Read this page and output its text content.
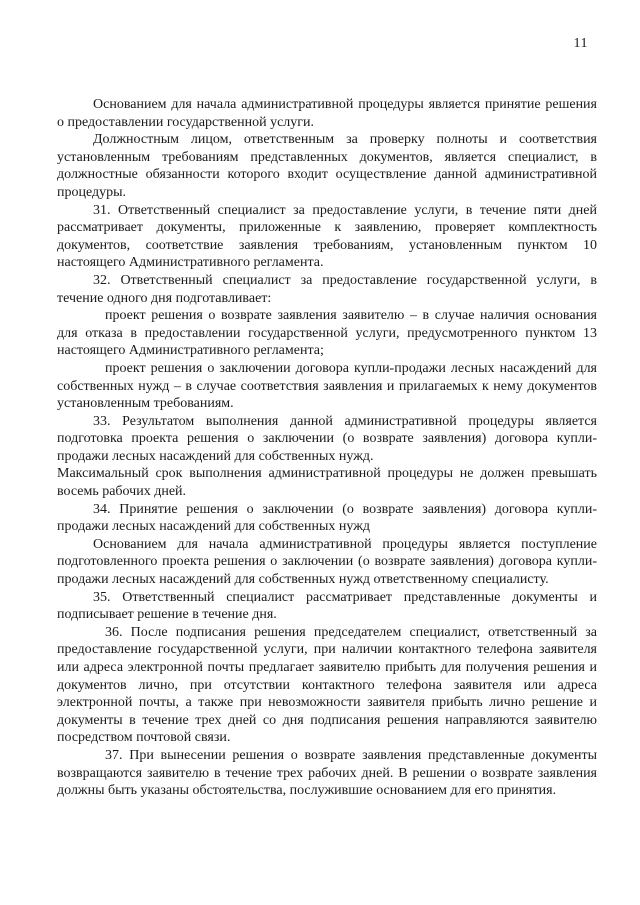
11

Основанием для начала административной процедуры является принятие решения о предоставлении государственной услуги.

Должностным лицом, ответственным за проверку полноты и соответствия установленным требованиям представленных документов, является специалист, в должностные обязанности которого входит осуществление данной административной процедуры.

31. Ответственный специалист за предоставление услуги, в течение пяти дней рассматривает документы, приложенные к заявлению, проверяет комплектность документов, соответствие заявления требованиям, установленным пунктом 10 настоящего Административного регламента.

32. Ответственный специалист за предоставление государственной услуги, в течение одного дня подготавливает:

проект решения о возврате заявления заявителю – в случае наличия основания для отказа в предоставлении государственной услуги, предусмотренного пунктом 13 настоящего Административного регламента;

проект решения о заключении договора купли-продажи лесных насаждений для собственных нужд – в случае соответствия заявления и прилагаемых к нему документов установленным требованиям.

33. Результатом выполнения данной административной процедуры является подготовка проекта решения о заключении (о возврате заявления) договора купли-продажи лесных насаждений для собственных нужд.

Максимальный срок выполнения административной процедуры не должен превышать восемь рабочих дней.

34. Принятие решения о заключении (о возврате заявления) договора купли-продажи лесных насаждений для собственных нужд

Основанием для начала административной процедуры является поступление подготовленного проекта решения о заключении (о возврате заявления) договора купли-продажи лесных насаждений для собственных нужд ответственному специалисту.

35. Ответственный специалист рассматривает представленные документы и подписывает решение в течение дня.

36. После подписания решения председателем специалист, ответственный за предоставление государственной услуги, при наличии контактного телефона заявителя или адреса электронной почты предлагает заявителю прибыть для получения решения и документов лично, при отсутствии контактного телефона заявителя или адреса электронной почты, а также при невозможности заявителя прибыть лично решение и документы в течение трех дней со дня подписания решения направляются заявителю посредством почтовой связи.

37. При вынесении решения о возврате заявления представленные документы возвращаются заявителю в течение трех рабочих дней. В решении о возврате заявления должны быть указаны обстоятельства, послужившие основанием для его принятия.
